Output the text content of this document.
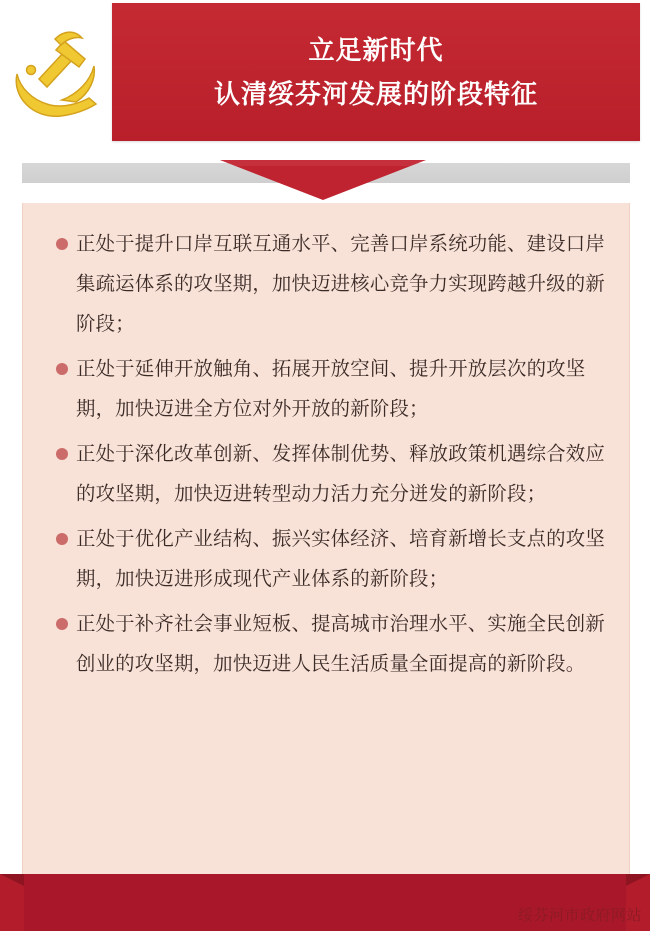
立足新时代
认清绥芬河发展的阶段特征
正处于提升口岸互联互通水平、完善口岸系统功能、建设口岸集疏运体系的攻坚期，加快迈进核心竞争力实现跨越升级的新阶段；
正处于延伸开放触角、拓展开放空间、提升开放层次的攻坚期，加快迈进全方位对外开放的新阶段；
正处于深化改革创新、发挥体制优势、释放政策机遇综合效应的攻坚期，加快迈进转型动力活力充分迸发的新阶段；
正处于优化产业结构、振兴实体经济、培育新增长支点的攻坚期，加快迈进形成现代产业体系的新阶段；
正处于补齐社会事业短板、提高城市治理水平、实施全民创新创业的攻坚期，加快迈进人民生活质量全面提高的新阶段。
绥芬河市政府网站
